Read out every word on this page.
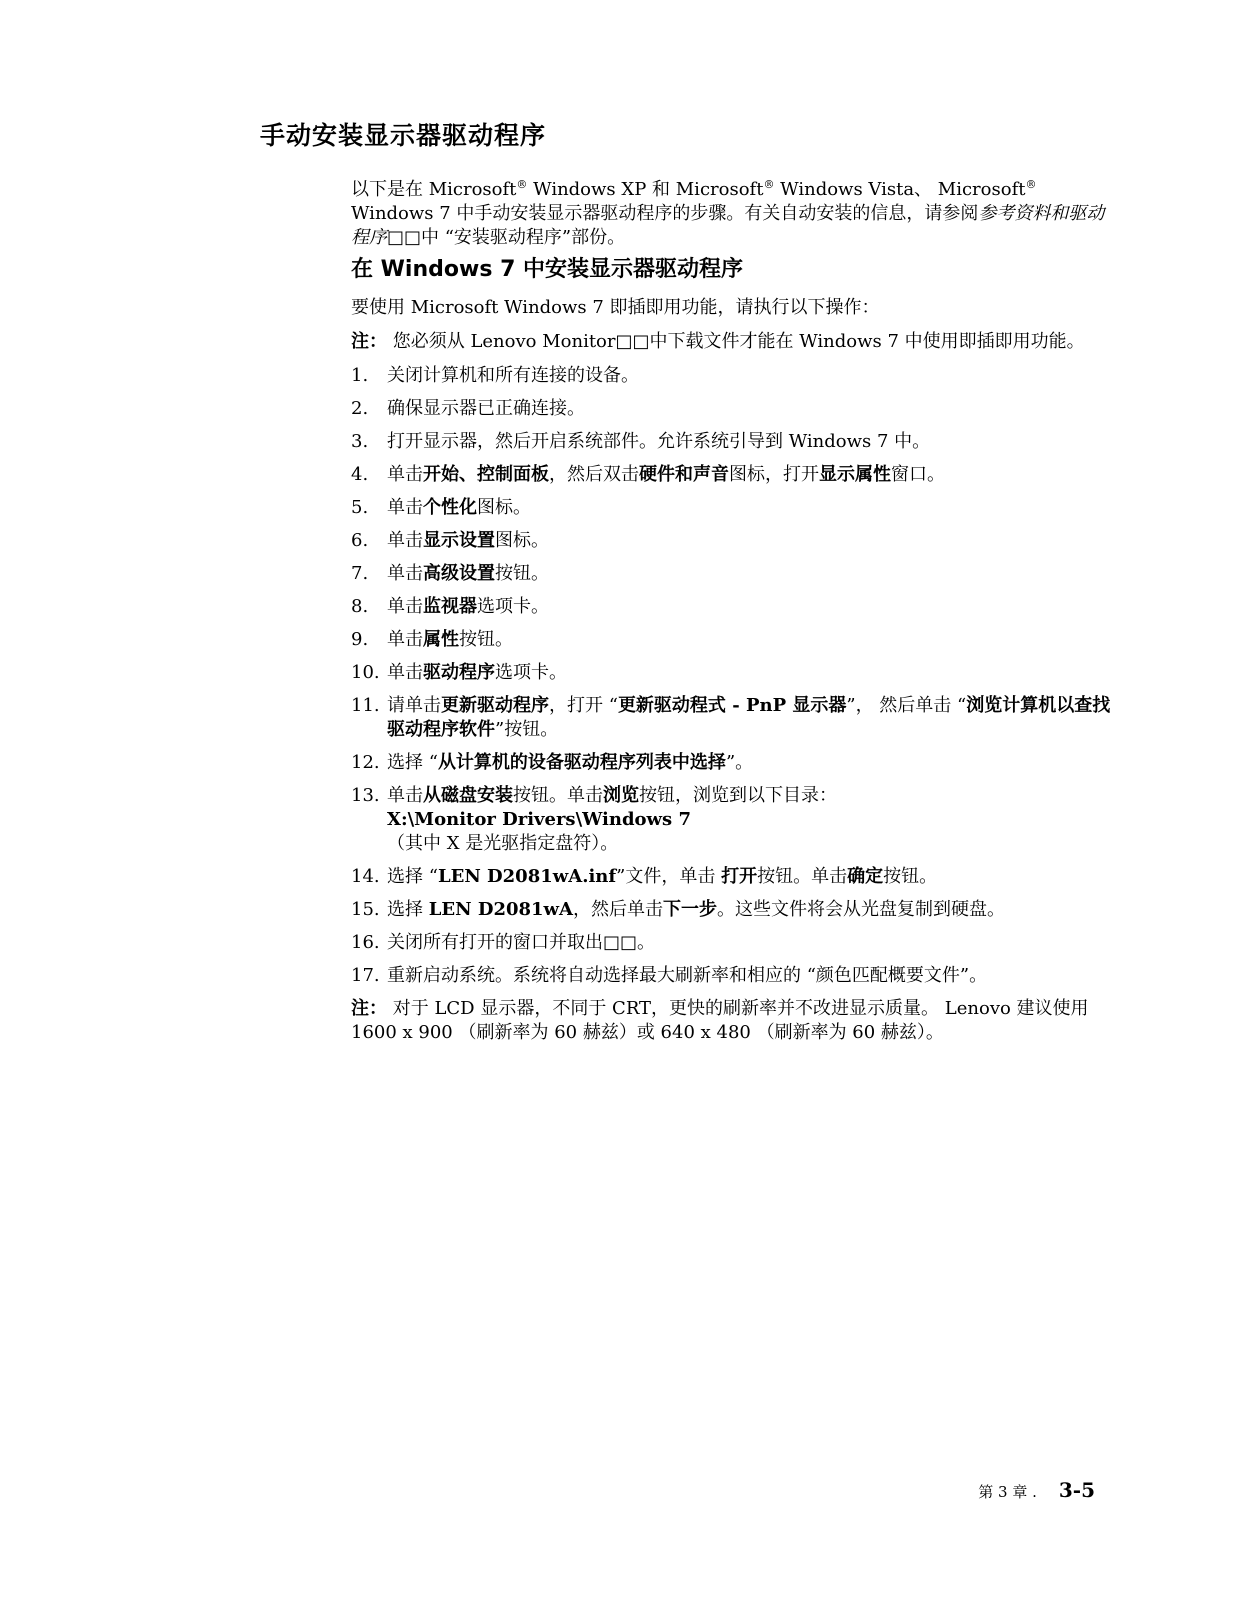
手动安装显示器驱动程序

以下是在 Microsoft® Windows XP 和 Microsoft® Windows Vista、 Microsoft® Windows 7 中手动安装显示器驱动程序的步骤。有关自动安装的信息，请参阅参考资料和驱动程序□□中 “安装驱动程序”部份。

在 Windows 7 中安装显示器驱动程序

要使用 Microsoft Windows 7 即插即用功能，请执行以下操作：

注： 您必须从 Lenovo Monitor□□中下载文件才能在 Windows 7 中使用即插即用功能。

1. 关闭计算机和所有连接的设备。
2. 确保显示器已正确连接。
3. 打开显示器，然后开启系统部件。允许系统引导到 Windows 7 中。
4. 单击开始、控制面板，然后双击硬件和声音图标，打开显示属性窗口。
5. 单击个性化图标。
6. 单击显示设置图标。
7. 单击高级设置按钮。
8. 单击监视器选项卡。
9. 单击属性按钮。
10. 单击驱动程序选项卡。
11. 请单击更新驱动程序，打开 “更新驱动程式 - PnP 显示器”， 然后单击 “浏览计算机以查找驱动程序软件”按钮。
12. 选择 “从计算机的设备驱动程序列表中选择”。
13. 单击从磁盘安装按钮。单击浏览按钮，浏览到以下目录：
X:\Monitor Drivers\Windows 7
（其中 X 是光驱指定盘符）。
14. 选择 “LEN D2081wA.inf”文件，单击 打开按钮。单击确定按钮。
15. 选择 LEN D2081wA，然后单击下一步。这些文件将会从光盘复制到硬盘。
16. 关闭所有打开的窗口并取出□□。
17. 重新启动系统。系统将自动选择最大刷新率和相应的 “颜色匹配概要文件”。

注： 对于 LCD 显示器，不同于 CRT，更快的刷新率并不改进显示质量。 Lenovo 建议使用 1600 x 900 （刷新率为 60 赫兹）或 640 x 480 （刷新率为 60 赫兹）。

第 3 章 . 3-5
